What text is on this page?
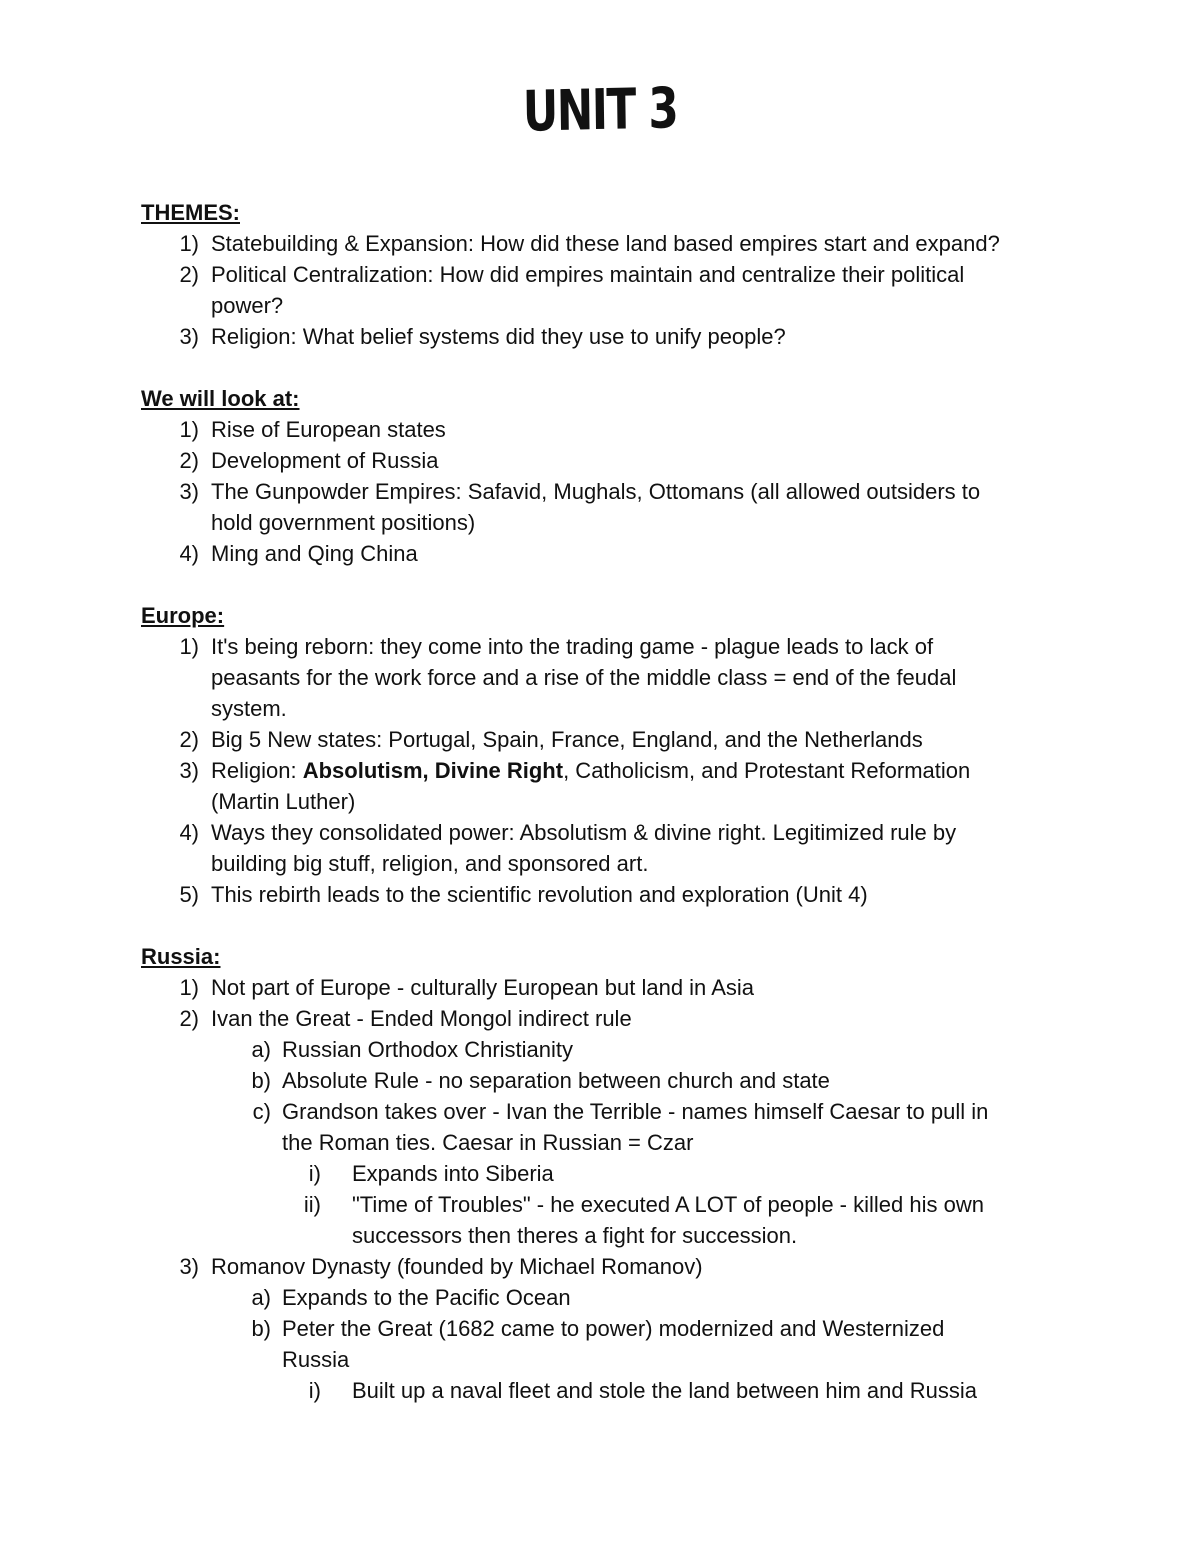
UNIT 3
THEMES:
1) Statebuilding & Expansion: How did these land based empires start and expand?
2) Political Centralization: How did empires maintain and centralize their political
power?
3) Religion: What belief systems did they use to unify people?
We will look at:
1) Rise of European states
2) Development of Russia
3) The Gunpowder Empires: Safavid, Mughals, Ottomans (all allowed outsiders to
hold government positions)
4) Ming and Qing China
Europe:
1) It's being reborn: they come into the trading game - plague leads to lack of
peasants for the work force and a rise of the middle class = end of the feudal
system.
2) Big 5 New states: Portugal, Spain, France, England, and the Netherlands
3) Religion: Absolutism, Divine Right, Catholicism, and Protestant Reformation
(Martin Luther)
4) Ways they consolidated power: Absolutism & divine right. Legitimized rule by
building big stuff, religion, and sponsored art.
5) This rebirth leads to the scientific revolution and exploration (Unit 4)
Russia:
1) Not part of Europe - culturally European but land in Asia
2) Ivan the Great - Ended Mongol indirect rule
a) Russian Orthodox Christianity
b) Absolute Rule - no separation between church and state
c) Grandson takes over - Ivan the Terrible - names himself Caesar to pull in
the Roman ties. Caesar in Russian = Czar
i) Expands into Siberia
ii) "Time of Troubles" - he executed A LOT of people - killed his own
successors then theres a fight for succession.
3) Romanov Dynasty (founded by Michael Romanov)
a) Expands to the Pacific Ocean
b) Peter the Great (1682 came to power) modernized and Westernized
Russia
i) Built up a naval fleet and stole the land between him and Russia
